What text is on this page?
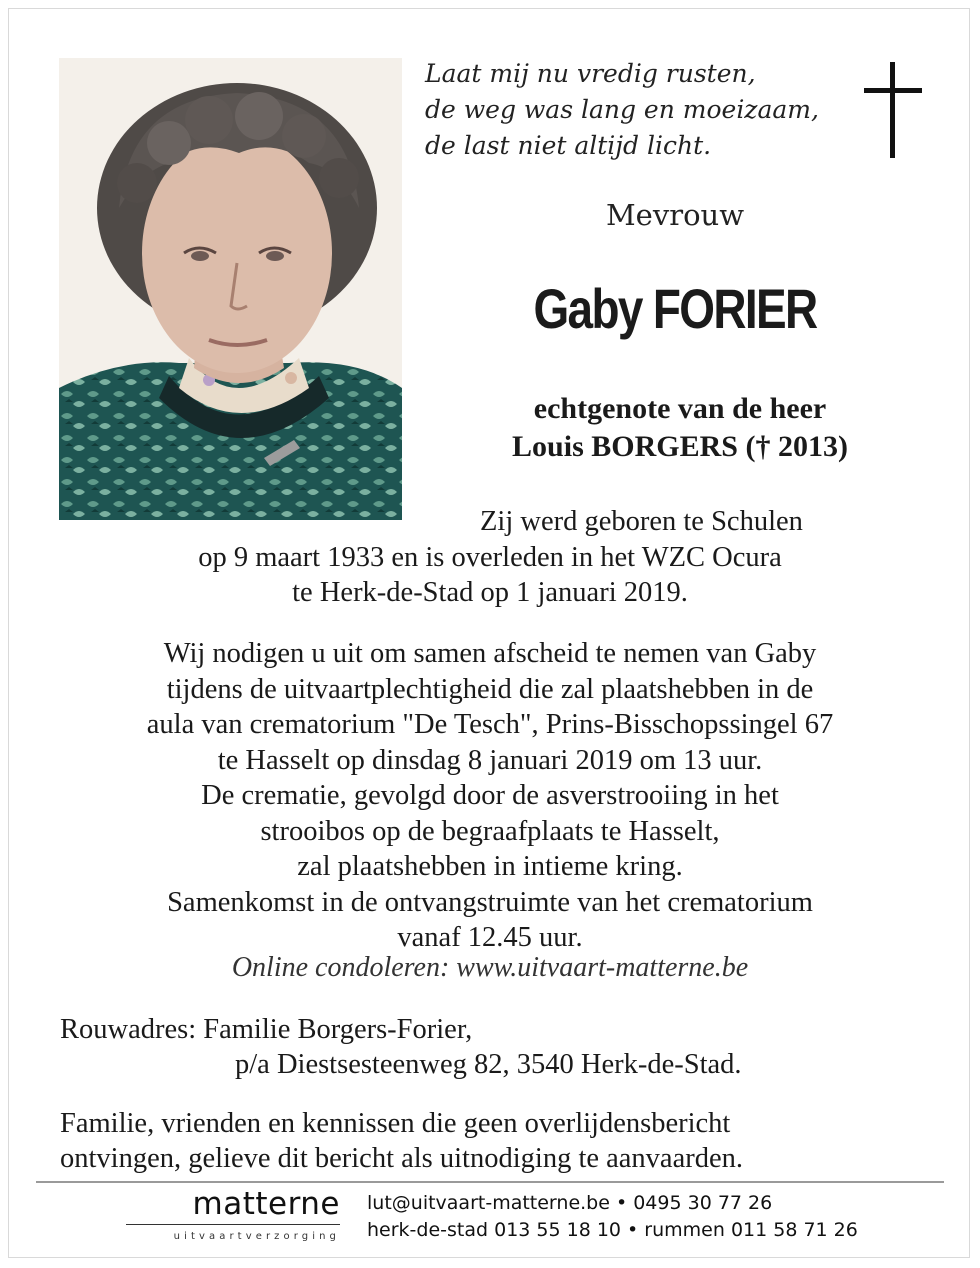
Laat mij nu vredig rusten,
de weg was lang en moeizaam,
de last niet altijd licht.
Mevrouw
Gaby FORIER
echtgenote van de heer
Louis BORGERS († 2013)
Zij werd geboren te Schulen
op 9 maart 1933 en is overleden in het WZC Ocura
te Herk-de-Stad op 1 januari 2019.
Wij nodigen u uit om samen afscheid te nemen van Gaby
tijdens de uitvaartplechtigheid die zal plaatshebben in de
aula van crematorium "De Tesch", Prins-Bisschopssingel 67
te Hasselt op dinsdag 8 januari 2019 om 13 uur.
De crematie, gevolgd door de asverstrooiing in het
strooibos op de begraafplaats te Hasselt,
zal plaatshebben in intieme kring.
Samenkomst in de ontvangstruimte van het crematorium
vanaf 12.45 uur.
Online condoleren: www.uitvaart-matterne.be
Rouwadres: Familie Borgers-Forier,
p/a Diestsesteenweg 82, 3540 Herk-de-Stad.
Familie, vrienden en kennissen die geen overlijdensbericht
ontvingen, gelieve dit bericht als uitnodiging te aanvaarden.
matterne
uitvaartverzorging
lut@uitvaart-matterne.be • 0495 30 77 26
herk-de-stad 013 55 18 10 • rummen 011 58 71 26
